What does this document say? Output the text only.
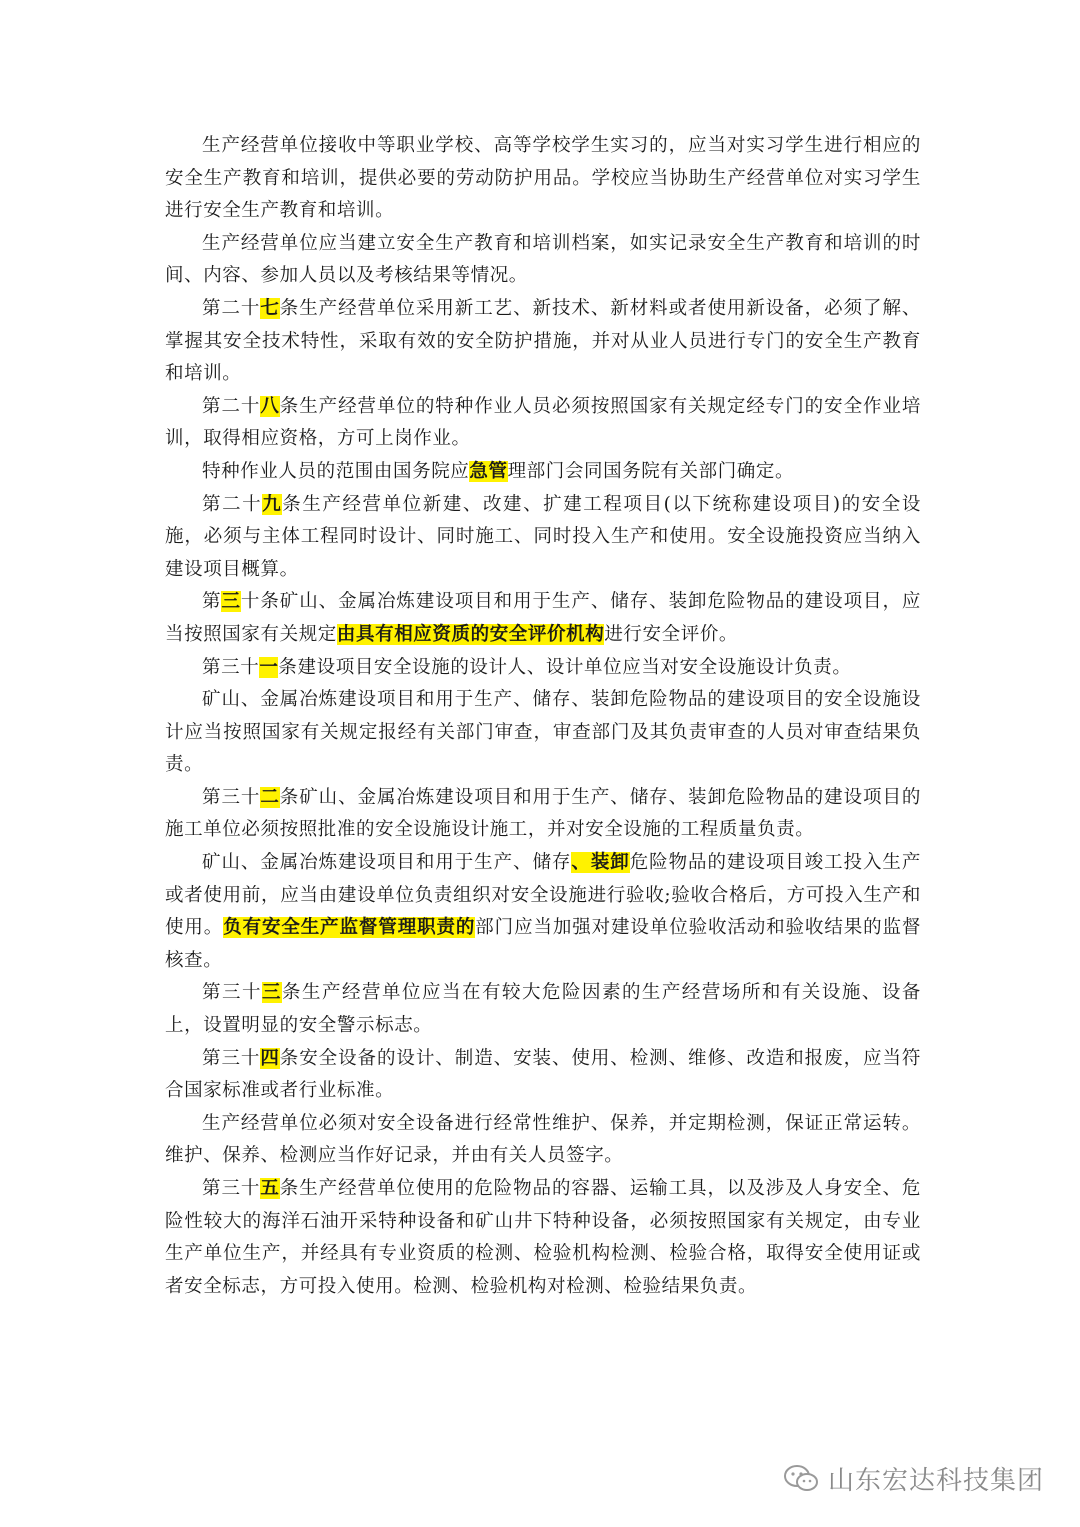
生产经营单位接收中等职业学校、高等学校学生实习的，应当对实习学生进行相应的安全生产教育和培训，提供必要的劳动防护用品。学校应当协助生产经营单位对实习学生进行安全生产教育和培训。

生产经营单位应当建立安全生产教育和培训档案，如实记录安全生产教育和培训的时间、内容、参加人员以及考核结果等情况。

第二十七条生产经营单位采用新工艺、新技术、新材料或者使用新设备，必须了解、掌握其安全技术特性，采取有效的安全防护措施，并对从业人员进行专门的安全生产教育和培训。

第二十八条生产经营单位的特种作业人员必须按照国家有关规定经专门的安全作业培训，取得相应资格，方可上岗作业。

特种作业人员的范围由国务院应急管理部门会同国务院有关部门确定。

第二十九条生产经营单位新建、改建、扩建工程项目(以下统称建设项目)的安全设施，必须与主体工程同时设计、同时施工、同时投入生产和使用。安全设施投资应当纳入建设项目概算。

第三十条矿山、金属冶炼建设项目和用于生产、储存、装卸危险物品的建设项目，应当按照国家有关规定由具有相应资质的安全评价机构进行安全评价。

第三十一条建设项目安全设施的设计人、设计单位应当对安全设施设计负责。

矿山、金属冶炼建设项目和用于生产、储存、装卸危险物品的建设项目的安全设施设计应当按照国家有关规定报经有关部门审查，审查部门及其负责审查的人员对审查结果负责。

第三十二条矿山、金属冶炼建设项目和用于生产、储存、装卸危险物品的建设项目的施工单位必须按照批准的安全设施设计施工，并对安全设施的工程质量负责。

矿山、金属冶炼建设项目和用于生产、储存、装卸危险物品的建设项目竣工投入生产或者使用前，应当由建设单位负责组织对安全设施进行验收;验收合格后，方可投入生产和使用。负有安全生产监督管理职责的部门应当加强对建设单位验收活动和验收结果的监督核查。

第三十三条生产经营单位应当在有较大危险因素的生产经营场所和有关设施、设备上，设置明显的安全警示标志。

第三十四条安全设备的设计、制造、安装、使用、检测、维修、改造和报废，应当符合国家标准或者行业标准。

生产经营单位必须对安全设备进行经常性维护、保养，并定期检测，保证正常运转。维护、保养、检测应当作好记录，并由有关人员签字。

第三十五条生产经营单位使用的危险物品的容器、运输工具，以及涉及人身安全、危险性较大的海洋石油开采特种设备和矿山井下特种设备，必须按照国家有关规定，由专业生产单位生产，并经具有专业资质的检测、检验机构检测、检验合格，取得安全使用证或者安全标志，方可投入使用。检测、检验机构对检测、检验结果负责。

山东宏达科技集团
